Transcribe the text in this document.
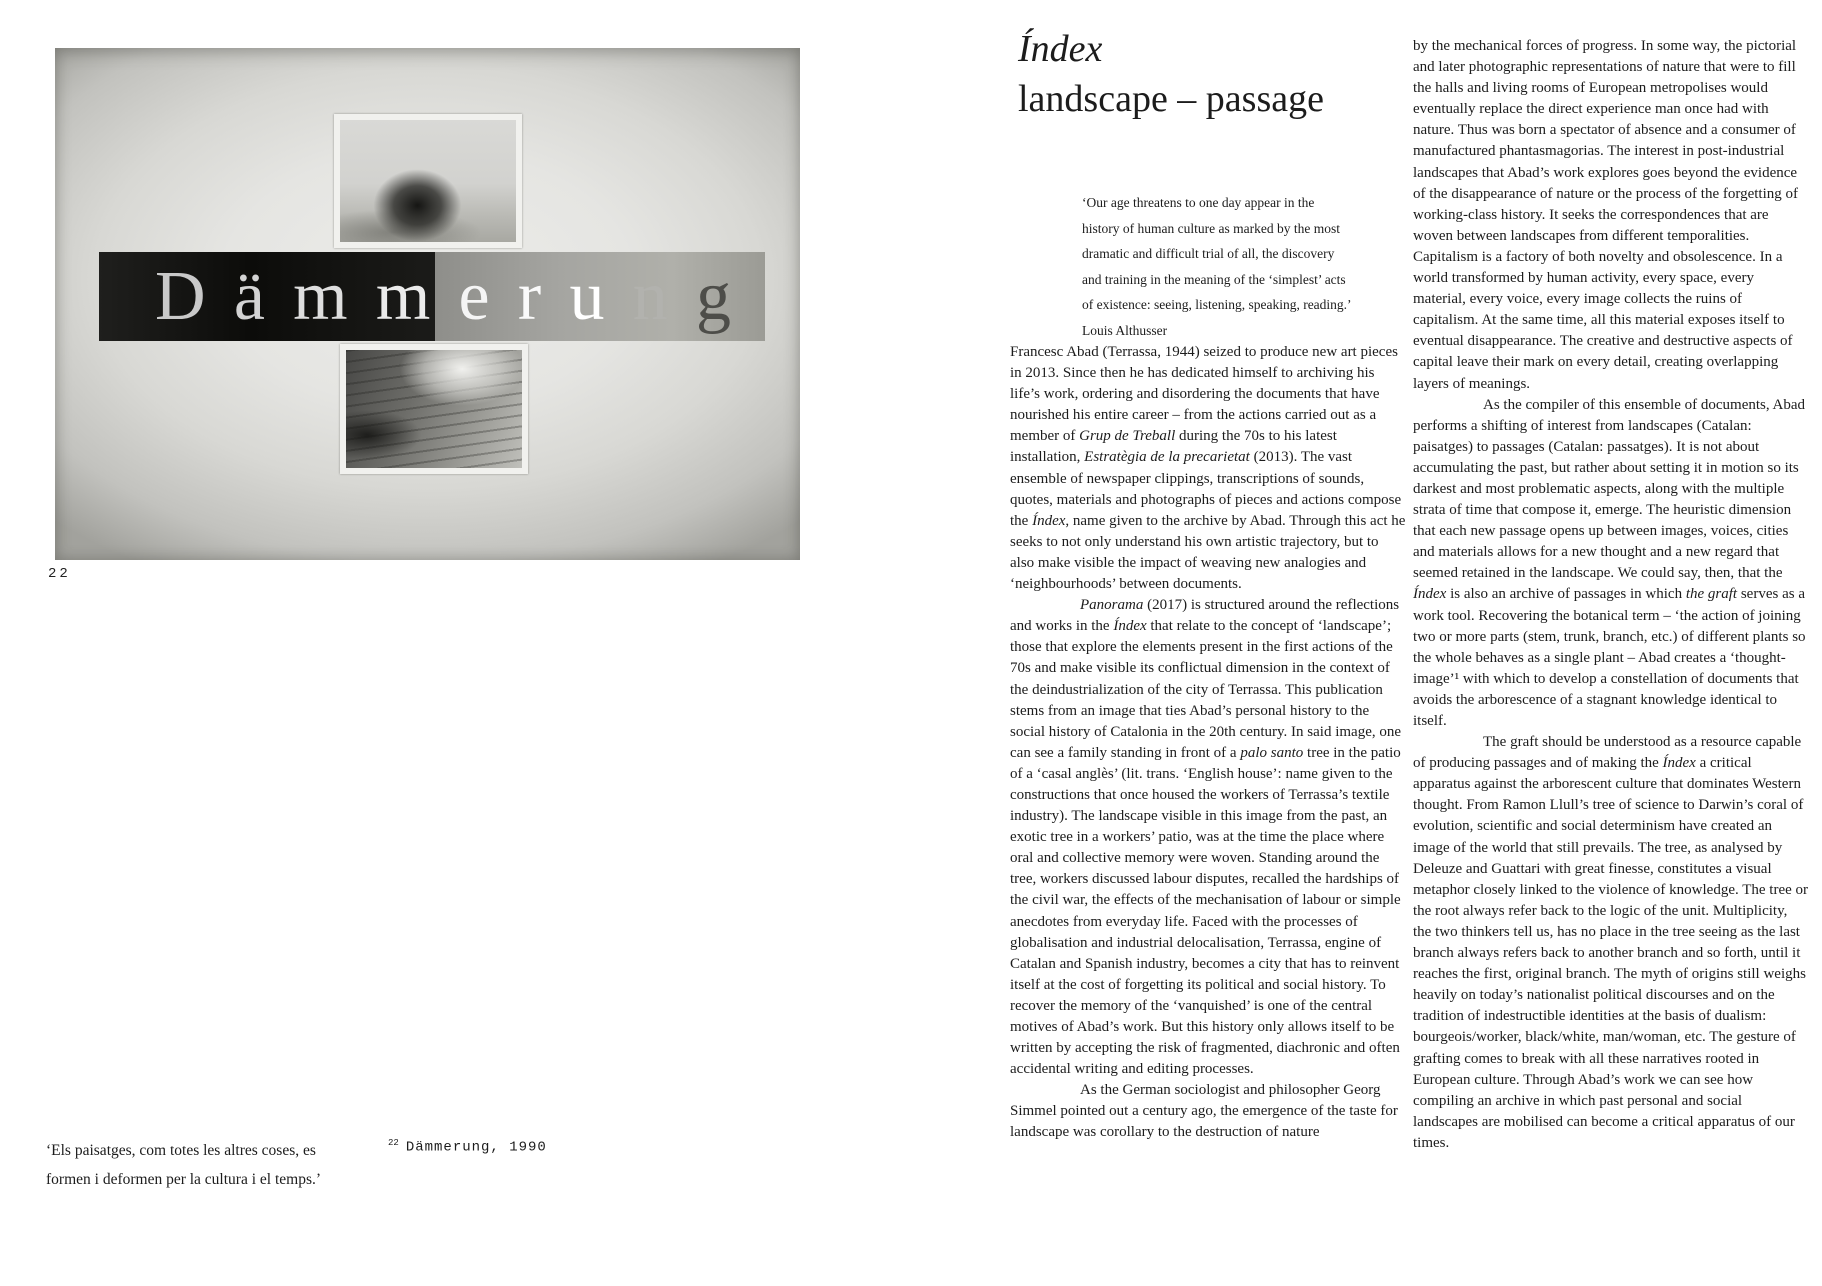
D ä m m e r u n g
22
‘Els paisatges, com totes les altres coses, es
formen i deformen per la cultura i el temps.’
$^{22}$ Dämmerung, 1990
Índex
landscape – passage
‘Our age threatens to one day appear in the
history of human culture as marked by the most
dramatic and difficult trial of all, the discovery
and training in the meaning of the ‘simplest’ acts
of existence: seeing, listening, speaking, reading.’
Louis Althusser

Francesc Abad (Terrassa, 1944) seized to produce new art pieces in 2013. Since then he has dedicated himself to archiving his life’s work, ordering and disordering the documents that have nourished his entire career – from the actions carried out as a member of Grup de Treball during the 70s to his latest installation, Estratègia de la precarietat (2013). The vast ensemble of newspaper clippings, transcriptions of sounds, quotes, materials and photographs of pieces and actions compose the Índex, name given to the archive by Abad. Through this act he seeks to not only understand his own artistic trajectory, but to also make visible the impact of weaving new analogies and ‘neighbourhoods’ between documents.

Panorama (2017) is structured around the reflections and works in the Índex that relate to the concept of ‘landscape’; those that explore the elements present in the first actions of the 70s and make visible its conflictual dimension in the context of the deindustrialization of the city of Terrassa. This publication stems from an image that ties Abad’s personal history to the social history of Catalonia in the 20th century. In said image, one can see a family standing in front of a palo santo tree in the patio of a ‘casal anglès’ (lit. trans. ‘English house’: name given to the constructions that once housed the workers of Terrassa’s textile industry). The landscape visible in this image from the past, an exotic tree in a workers’ patio, was at the time the place where oral and collective memory were woven. Standing around the tree, workers discussed labour disputes, recalled the hardships of the civil war, the effects of the mechanisation of labour or simple anecdotes from everyday life. Faced with the processes of globalisation and industrial delocalisation, Terrassa, engine of Catalan and Spanish industry, becomes a city that has to reinvent itself at the cost of forgetting its political and social history. To recover the memory of the ‘vanquished’ is one of the central motives of Abad’s work. But this history only allows itself to be written by accepting the risk of fragmented, diachronic and often accidental writing and editing processes.

As the German sociologist and philosopher Georg Simmel pointed out a century ago, the emergence of the taste for landscape was corollary to the destruction of nature

by the mechanical forces of progress. In some way, the pictorial and later photographic representations of nature that were to fill the halls and living rooms of European metropolises would eventually replace the direct experience man once had with nature. Thus was born a spectator of absence and a consumer of manufactured phantasmagorias. The interest in post-industrial landscapes that Abad’s work explores goes beyond the evidence of the disappearance of nature or the process of the forgetting of working-class history. It seeks the correspondences that are woven between landscapes from different temporalities. Capitalism is a factory of both novelty and obsolescence. In a world transformed by human activity, every space, every material, every voice, every image collects the ruins of capitalism. At the same time, all this material exposes itself to eventual disappearance. The creative and destructive aspects of capital leave their mark on every detail, creating overlapping layers of meanings.

As the compiler of this ensemble of documents, Abad performs a shifting of interest from landscapes (Catalan: paisatges) to passages (Catalan: passatges). It is not about accumulating the past, but rather about setting it in motion so its darkest and most problematic aspects, along with the multiple strata of time that compose it, emerge. The heuristic dimension that each new passage opens up between images, voices, cities and materials allows for a new thought and a new regard that seemed retained in the landscape. We could say, then, that the Índex is also an archive of passages in which the graft serves as a work tool. Recovering the botanical term – ‘the action of joining two or more parts (stem, trunk, branch, etc.) of different plants so the whole behaves as a single plant – Abad creates a ‘thought-image’¹ with which to develop a constellation of documents that avoids the arborescence of a stagnant knowledge identical to itself.

The graft should be understood as a resource capable of producing passages and of making the Índex a critical apparatus against the arborescent culture that dominates Western thought. From Ramon Llull’s tree of science to Darwin’s coral of evolution, scientific and social determinism have created an image of the world that still prevails. The tree, as analysed by Deleuze and Guattari with great finesse, constitutes a visual metaphor closely linked to the violence of knowledge. The tree or the root always refer back to the logic of the unit. Multiplicity, the two thinkers tell us, has no place in the tree seeing as the last branch always refers back to another branch and so forth, until it reaches the first, original branch. The myth of origins still weighs heavily on today’s nationalist political discourses and on the tradition of indestructible identities at the basis of dualism: bourgeois/worker, black/white, man/woman, etc. The gesture of grafting comes to break with all these narratives rooted in European culture. Through Abad’s work we can see how compiling an archive in which past personal and social landscapes are mobilised can become a critical apparatus of our times.
